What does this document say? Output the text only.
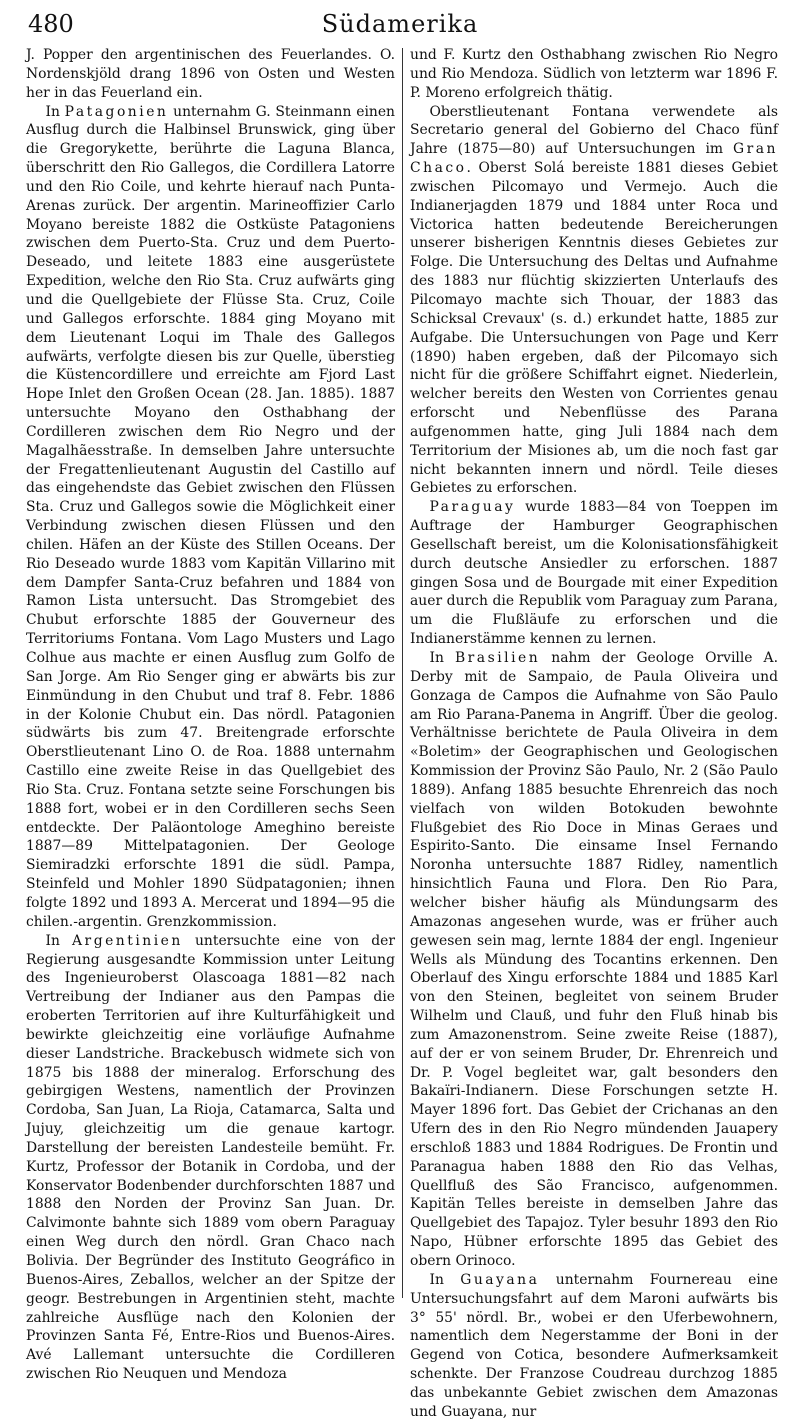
480	Südamerika

J. Popper den argentinischen des Feuerlandes. O. Nordenskjöld drang 1896 von Osten und Westen her in das Feuerland ein.

In Patagonien unternahm G. Steinmann einen Ausflug durch die Halbinsel Brunswick, ging über die Gregorykette, berührte die Laguna Blanca, überschritt den Rio Gallegos, die Cordillera Latorre und den Rio Coile, und kehrte hierauf nach Punta-Arenas zurück. Der argentin. Marineoffizier Carlo Moyano bereiste 1882 die Ostküste Patagoniens zwischen dem Puerto-Sta. Cruz und dem Puerto-Deseado, und leitete 1883 eine ausgerüstete Expedition, welche den Rio Sta. Cruz aufwärts ging und die Quellgebiete der Flüsse Sta. Cruz, Coile und Gallegos erforschte. 1884 ging Moyano mit dem Lieutenant Loqui im Thale des Gallegos aufwärts, verfolgte diesen bis zur Quelle, überstieg die Küstencordillere und erreichte am Fjord Last Hope Inlet den Großen Ocean (28. Jan. 1885). 1887 untersuchte Moyano den Osthabhang der Cordilleren zwischen dem Rio Negro und der Magalhãesstraße. In demselben Jahre untersuchte der Fregattenlieutenant Augustin del Castillo auf das eingehendste das Gebiet zwischen den Flüssen Sta. Cruz und Gallegos sowie die Möglichkeit einer Verbindung zwischen diesen Flüssen und den chilen. Häfen an der Küste des Stillen Oceans. Der Rio Deseado wurde 1883 vom Kapitän Villarino mit dem Dampfer Santa-Cruz befahren und 1884 von Ramon Lista untersucht. Das Stromgebiet des Chubut erforschte 1885 der Gouverneur des Territoriums Fontana. Vom Lago Musters und Lago Colhue aus machte er einen Ausflug zum Golfo de San Jorge. Am Rio Senger ging er abwärts bis zur Einmündung in den Chubut und traf 8. Febr. 1886 in der Kolonie Chubut ein. Das nördl. Patagonien südwärts bis zum 47. Breitengrade erforschte Oberstlieutenant Lino O. de Roa. 1888 unternahm Castillo eine zweite Reise in das Quellgebiet des Rio Sta. Cruz. Fontana setzte seine Forschungen bis 1888 fort, wobei er in den Cordilleren sechs Seen entdeckte. Der Paläontologe Ameghino bereiste 1887—89 Mittelpatagonien. Der Geologe Siemiradzki erforschte 1891 die südl. Pampa, Steinfeld und Mohler 1890 Südpatagonien; ihnen folgte 1892 und 1893 A. Mercerat und 1894—95 die chilen.-argentin. Grenzkommission.

In Argentinien untersuchte eine von der Regierung ausgesandte Kommission unter Leitung des Ingenieuroberst Olascoaga 1881—82 nach Vertreibung der Indianer aus den Pampas die eroberten Territorien auf ihre Kulturfähigkeit und bewirkte gleichzeitig eine vorläufige Aufnahme dieser Landstriche. Brackebusch widmete sich von 1875 bis 1888 der mineralog. Erforschung des gebirgigen Westens, namentlich der Provinzen Cordoba, San Juan, La Rioja, Catamarca, Salta und Jujuy, gleichzeitig um die genaue kartogr. Darstellung der bereisten Landesteile bemüht. Fr. Kurtz, Professor der Botanik in Cordoba, und der Konservator Bodenbender durchforschten 1887 und 1888 den Norden der Provinz San Juan. Dr. Calvimonte bahnte sich 1889 vom obern Paraguay einen Weg durch den nördl. Gran Chaco nach Bolivia. Der Begründer des Instituto Geográfico in Buenos-Aires, Zeballos, welcher an der Spitze der geogr. Bestrebungen in Argentinien steht, machte zahlreiche Ausflüge nach den Kolonien der Provinzen Santa Fé, Entre-Rios und Buenos-Aires. Avé Lallemant untersuchte die Cordilleren zwischen Rio Neuquen und Mendoza

und F. Kurtz den Osthabhang zwischen Rio Negro und Rio Mendoza. Südlich von letzterm war 1896 F. P. Moreno erfolgreich thätig.

Oberstlieutenant Fontana verwendete als Secretario general del Gobierno del Chaco fünf Jahre (1875—80) auf Untersuchungen im Gran Chaco. Oberst Solá bereiste 1881 dieses Gebiet zwischen Pilcomayo und Vermejo. Auch die Indianerjagden 1879 und 1884 unter Roca und Victorica hatten bedeutende Bereicherungen unserer bisherigen Kenntnis dieses Gebietes zur Folge. Die Untersuchung des Deltas und Aufnahme des 1883 nur flüchtig skizzierten Unterlaufs des Pilcomayo machte sich Thouar, der 1883 das Schicksal Crevaux' (s. d.) erkundet hatte, 1885 zur Aufgabe. Die Untersuchungen von Page und Kerr (1890) haben ergeben, daß der Pilcomayo sich nicht für die größere Schiffahrt eignet. Niederlein, welcher bereits den Westen von Corrientes genau erforscht und Nebenflüsse des Parana aufgenommen hatte, ging Juli 1884 nach dem Territorium der Misiones ab, um die noch fast gar nicht bekannten innern und nördl. Teile dieses Gebietes zu erforschen.

Paraguay wurde 1883—84 von Toeppen im Auftrage der Hamburger Geographischen Gesellschaft bereist, um die Kolonisationsfähigkeit durch deutsche Ansiedler zu erforschen. 1887 gingen Sosa und de Bourgade mit einer Expedition auer durch die Republik vom Paraguay zum Parana, um die Flußläufe zu erforschen und die Indianerstämme kennen zu lernen.

In Brasilien nahm der Geologe Orville A. Derby mit de Sampaio, de Paula Oliveira und Gonzaga de Campos die Aufnahme von São Paulo am Rio Parana-Panema in Angriff. Über die geolog. Verhältnisse berichtete de Paula Oliveira in dem «Boletim» der Geographischen und Geologischen Kommission der Provinz São Paulo, Nr. 2 (São Paulo 1889). Anfang 1885 besuchte Ehrenreich das noch vielfach von wilden Botokuden bewohnte Flußgebiet des Rio Doce in Minas Geraes und Espirito-Santo. Die einsame Insel Fernando Noronha untersuchte 1887 Ridley, namentlich hinsichtlich Fauna und Flora. Den Rio Para, welcher bisher häufig als Mündungsarm des Amazonas angesehen wurde, was er früher auch gewesen sein mag, lernte 1884 der engl. Ingenieur Wells als Mündung des Tocantins erkennen. Den Oberlauf des Xingu erforschte 1884 und 1885 Karl von den Steinen, begleitet von seinem Bruder Wilhelm und Clauß, und fuhr den Fluß hinab bis zum Amazonenstrom. Seine zweite Reise (1887), auf der er von seinem Bruder, Dr. Ehrenreich und Dr. P. Vogel begleitet war, galt besonders den Bakaïri-Indianern. Diese Forschungen setzte H. Mayer 1896 fort. Das Gebiet der Crichanas an den Ufern des in den Rio Negro mündenden Jauapery erschloß 1883 und 1884 Rodrigues. De Frontin und Paranagua haben 1888 den Rio das Velhas, Quellfluß des São Francisco, aufgenommen. Kapitän Telles bereiste in demselben Jahre das Quellgebiet des Tapajoz. Tyler besuhr 1893 den Rio Napo, Hübner erforschte 1895 das Gebiet des obern Orinoco.

In Guayana unternahm Fournereau eine Untersuchungsfahrt auf dem Maroni aufwärts bis 3° 55' nördl. Br., wobei er den Uferbewohnern, namentlich dem Negerstamme der Boni in der Gegend von Cotica, besondere Aufmerksamkeit schenkte. Der Franzose Coudreau durchzog 1885 das unbekannte Gebiet zwischen dem Amazonas und Guayana, nur
